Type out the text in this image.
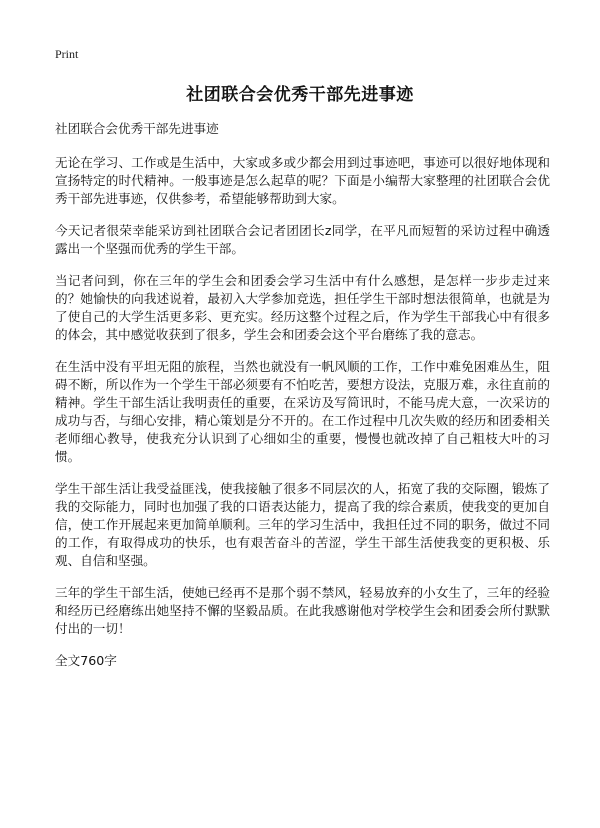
Print
社团联合会优秀干部先进事迹

社团联合会优秀干部先进事迹

无论在学习、工作或是生活中，大家或多或少都会用到过事迹吧，事迹可以很好地体现和宣扬特定的时代精神。一般事迹是怎么起草的呢？下面是小编帮大家整理的社团联合会优秀干部先进事迹，仅供参考，希望能够帮助到大家。

今天记者很荣幸能采访到社团联合会记者团团长z同学，在平凡而短暂的采访过程中确透露出一个坚强而优秀的学生干部。

当记者问到，你在三年的学生会和团委会学习生活中有什么感想，是怎样一步步走过来的？她愉快的向我述说着，最初入大学参加竞选，担任学生干部时想法很简单，也就是为了使自己的大学生活更多彩、更充实。经历这整个过程之后，作为学生干部我心中有很多的体会，其中感觉收获到了很多，学生会和团委会这个平台磨练了我的意志。

在生活中没有平坦无阻的旅程，当然也就没有一帆风顺的工作，工作中难免困难丛生，阻碍不断，所以作为一个学生干部必须要有不怕吃苦，要想方设法，克服万难，永往直前的精神。学生干部生活让我明责任的重要，在采访及写简讯时，不能马虎大意，一次采访的成功与否，与细心安排，精心策划是分不开的。在工作过程中几次失败的经历和团委相关老师细心教导，使我充分认识到了心细如尘的重要，慢慢也就改掉了自己粗枝大叶的习惯。

学生干部生活让我受益匪浅，使我接触了很多不同层次的人，拓宽了我的交际圈，锻炼了我的交际能力，同时也加强了我的口语表达能力，提高了我的综合素质，使我变的更加自信，使工作开展起来更加简单顺利。三年的学习生活中，我担任过不同的职务，做过不同的工作，有取得成功的快乐，也有艰苦奋斗的苦涩，学生干部生活使我变的更积极、乐观、自信和坚强。

三年的学生干部生活，使她已经再不是那个弱不禁风，轻易放弃的小女生了，三年的经验和经历已经磨练出她坚持不懈的坚毅品质。在此我感谢他对学校学生会和团委会所付默默付出的一切！

全文760字
